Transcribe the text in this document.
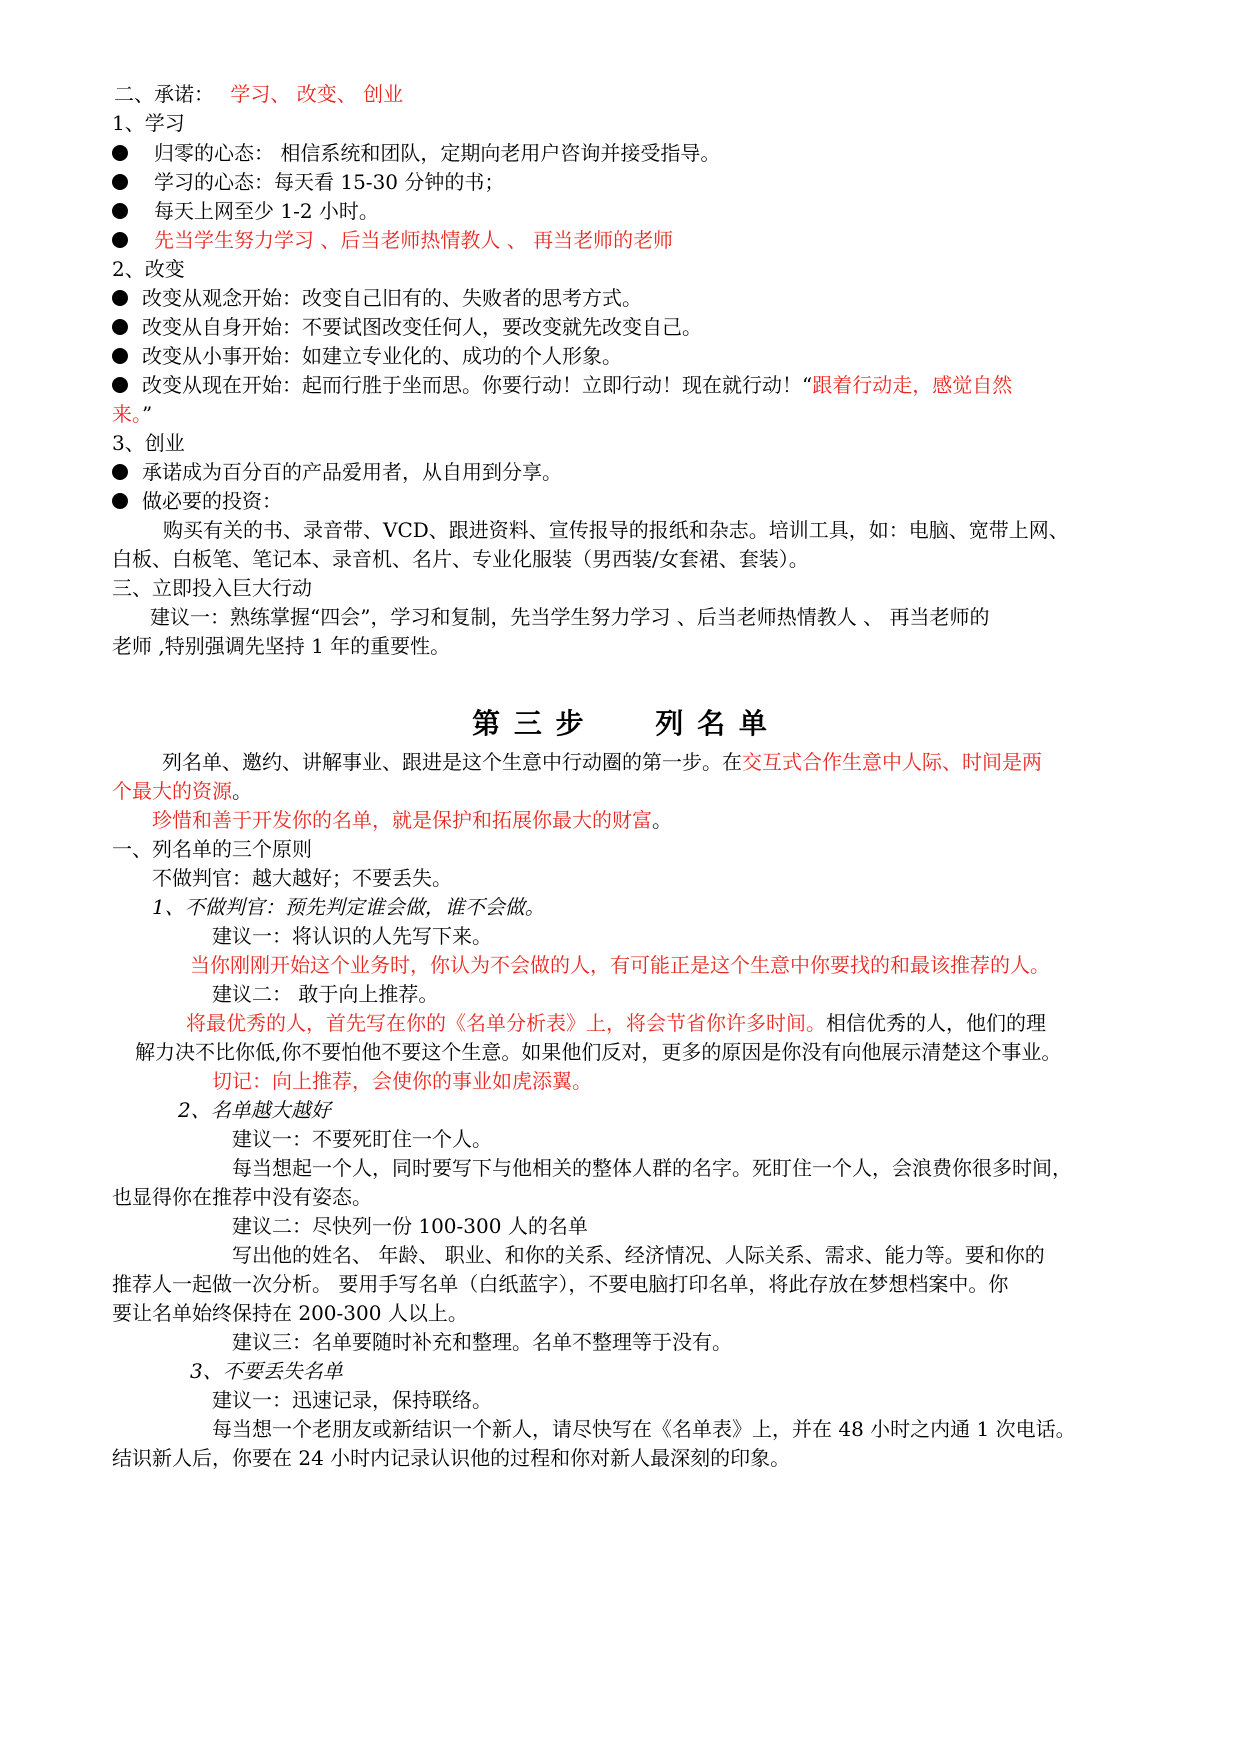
二、承诺： 学习、 改变、 创业
1、学习
归零的心态： 相信系统和团队，定期向老用户咨询并接受指导。
学习的心态：每天看 15-30 分钟的书；
每天上网至少 1-2 小时。
先当学生努力学习 、后当老师热情教人 、 再当老师的老师
2、改变
改变从观念开始：改变自己旧有的、失败者的思考方式。
改变从自身开始：不要试图改变任何人，要改变就先改变自己。
改变从小事开始：如建立专业化的、成功的个人形象。
改变从现在开始：起而行胜于坐而思。你要行动！立即行动！现在就行动！“跟着行动走，感觉自然
来。”
3、创业
承诺成为百分百的产品爱用者，从自用到分享。
做必要的投资：
购买有关的书、录音带、VCD、跟进资料、宣传报导的报纸和杂志。培训工具，如：电脑、宽带上网、
白板、白板笔、笔记本、录音机、名片、专业化服装（男西装/女套裙、套装）。
三、立即投入巨大行动
建议一：熟练掌握“四会”，学习和复制，先当学生努力学习 、后当老师热情教人 、 再当老师的
老师 ,特别强调先坚持 1 年的重要性。
第 三 步 列 名 单
列名单、邀约、讲解事业、跟进是这个生意中行动圈的第一步。在交互式合作生意中人际、时间是两
个最大的资源。
珍惜和善于开发你的名单，就是保护和拓展你最大的财富。
一、列名单的三个原则
不做判官：越大越好；不要丢失。
1、不做判官：预先判定谁会做，谁不会做。
建议一：将认识的人先写下来。
当你刚刚开始这个业务时，你认为不会做的人，有可能正是这个生意中你要找的和最该推荐的人。
建议二： 敢于向上推荐。
将最优秀的人，首先写在你的《名单分析表》上，将会节省你许多时间。相信优秀的人，他们的理
解力决不比你低,你不要怕他不要这个生意。如果他们反对，更多的原因是你没有向他展示清楚这个事业。
切记：向上推荐，会使你的事业如虎添翼。
2、名单越大越好
建议一：不要死盯住一个人。
每当想起一个人，同时要写下与他相关的整体人群的名字。死盯住一个人，会浪费你很多时间，
也显得你在推荐中没有姿态。
建议二：尽快列一份 100-300 人的名单
写出他的姓名、 年龄、 职业、和你的关系、经济情况、人际关系、需求、能力等。要和你的
推荐人一起做一次分析。 要用手写名单（白纸蓝字），不要电脑打印名单，将此存放在梦想档案中。你
要让名单始终保持在 200-300 人以上。
建议三：名单要随时补充和整理。名单不整理等于没有。
3、不要丢失名单
建议一：迅速记录，保持联络。
每当想一个老朋友或新结识一个新人，请尽快写在《名单表》上，并在 48 小时之内通 1 次电话。
结识新人后，你要在 24 小时内记录认识他的过程和你对新人最深刻的印象。
